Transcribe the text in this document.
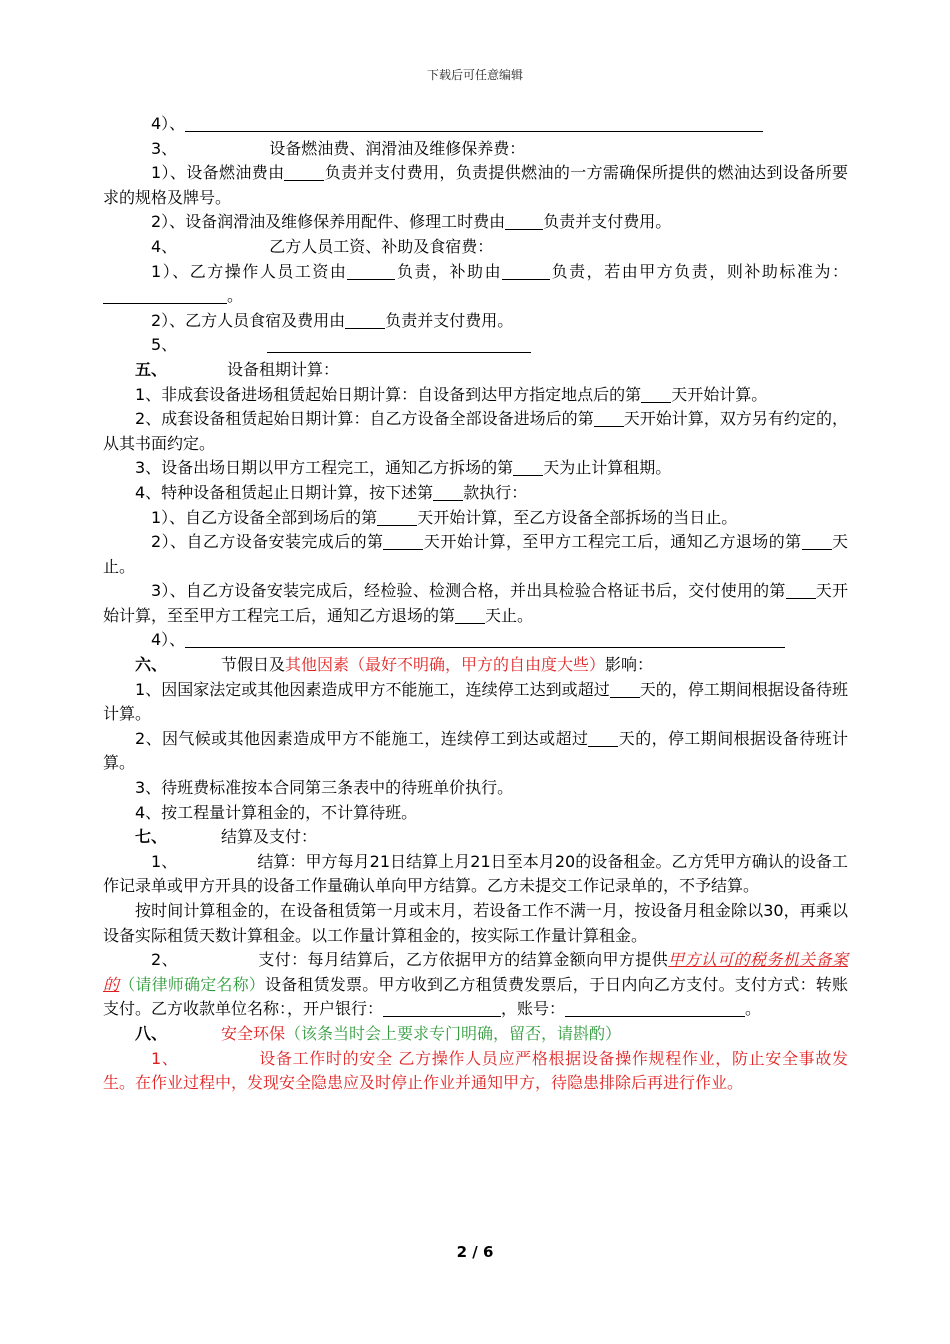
下载后可任意编辑

4）、

3、	设备燃油费、润滑油及维修保养费：

1）、设备燃油费由	负责并支付费用，负责提供燃油的一方需确保所提供的燃油达到设备所要求的规格及牌号。

2）、设备润滑油及维修保养用配件、修理工时费由 负责并支付费用。

4、	乙方人员工资、补助及食宿费：

1）、乙方操作人员工资由	负责，补助由	负责，若由甲方负责，则补助标准为：。

2）、乙方人员食宿及费用由	负责并支付费用。

5、

五、	设备租期计算：

1、非成套设备进场租赁起始日期计算：自设备到达甲方指定地点后的第 天开始计算。

2、成套设备租赁起始日期计算：自乙方设备全部设备进场后的第 天开始计算，双方另有约定的，从其书面约定。

3、设备出场日期以甲方工程完工，通知乙方拆场的第 天为止计算租期。

4、特种设备租赁起止日期计算，按下述第 款执行：

1）、自乙方设备全部到场后的第	天开始计算，至乙方设备全部拆场的当日止。

2）、自乙方设备安装完成后的第	天开始计算，至甲方工程完工后，通知乙方退场的第 天止。

3）、自乙方设备安装完成后，经检验、检测合格，并出具检验合格证书后，交付使用的第 天开始计算，至至甲方工程完工后，通知乙方退场的第 天止。

4）、

六、	节假日及其他因素（最好不明确，甲方的自由度大些）影响：

1、因国家法定或其他因素造成甲方不能施工，连续停工达到或超过 天的，停工期间根据设备待班计算。

2、因气候或其他因素造成甲方不能施工，连续停工到达或超过 天的，停工期间根据设备待班计算。

3、待班费标准按本合同第三条表中的待班单价执行。

4、按工程量计算租金的，不计算待班。

七、	结算及支付：

1、	结算：甲方每月21日结算上月21日至本月20的设备租金。乙方凭甲方确认的设备工作记录单或甲方开具的设备工作量确认单向甲方结算。乙方未提交工作记录单的，不予结算。

按时间计算租金的，在设备租赁第一月或末月，若设备工作不满一月，按设备月租金除以30，再乘以设备实际租赁天数计算租金。以工作量计算租金的，按实际工作量计算租金。

2、	支付：每月结算后，乙方依据甲方的结算金额向甲方提供甲方认可的税务机关备案的（请律师确定名称）设备租赁发票。甲方收到乙方租赁费发票后，于日内向乙方支付。支付方式：转账支付。乙方收款单位名称：，开户银行：	，账号：	。

八、	安全环保（该条当时会上要求专门明确，留否，请斟酌）

1、	设备工作时的安全 乙方操作人员应严格根据设备操作规程作业，防止安全事故发生。在作业过程中，发现安全隐患应及时停止作业并通知甲方，待隐患排除后再进行作业。

2 / 6
